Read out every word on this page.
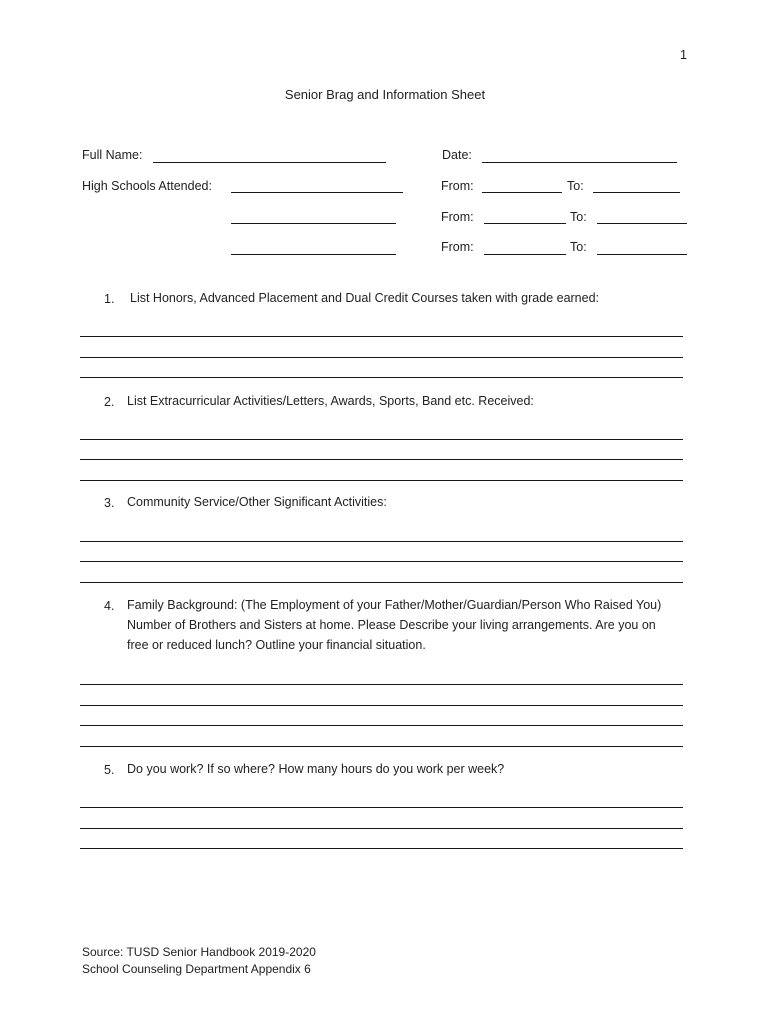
1
Senior Brag and Information Sheet
Full Name:	Date:
High Schools Attended:	From:	To:
From:	To:
From:	To:
1. List Honors, Advanced Placement and Dual Credit Courses taken with grade earned:
2. List Extracurricular Activities/Letters, Awards, Sports, Band etc. Received:
3. Community Service/Other Significant Activities:
4. Family Background: (The Employment of your Father/Mother/Guardian/Person Who Raised You) Number of Brothers and Sisters at home. Please Describe your living arrangements. Are you on free or reduced lunch? Outline your financial situation.
5. Do you work? If so where? How many hours do you work per week?
Source: TUSD Senior Handbook 2019-2020
School Counseling Department Appendix 6
